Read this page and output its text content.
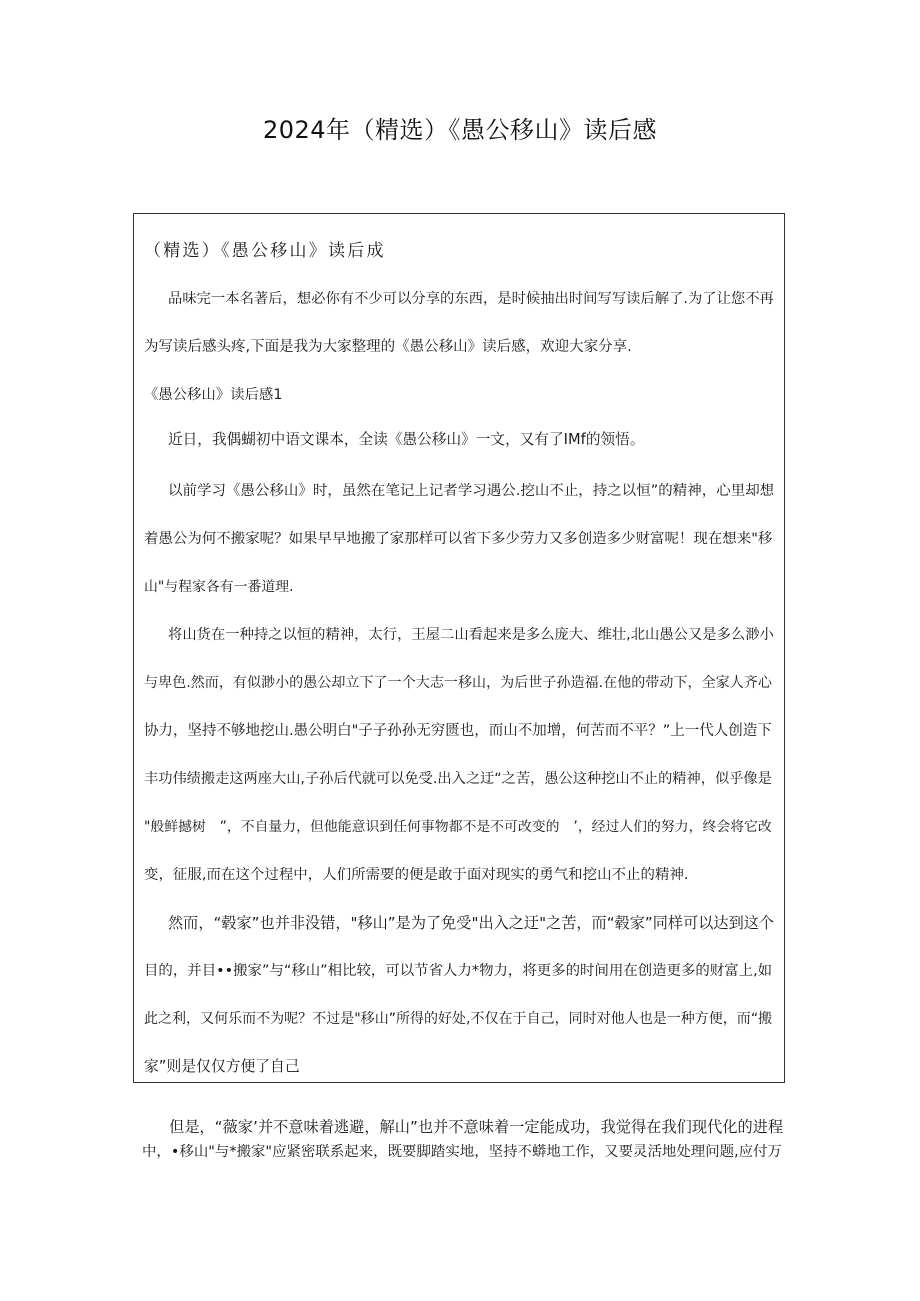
2024年（精选）《愚公移山》读后感
（精选）《愚公移山》读后成
品味完一本名著后，想必你有不少可以分享的东西，是时候抽出时间写写读后解了.为了让您不再
为写读后感头疼,下面是我为大家整理的《愚公移山》读后感，欢迎大家分享.
《愚公移山》读后感1
近日，我偶蝴初中语文课本，全读《愚公移山》一文，又有了IMf的领悟。
以前学习《愚公移山》时，虽然在笔记上记者学习遇公.挖山不止，持之以恒”的精神，心里却想
着愚公为何不搬家呢？如果早早地搬了家那样可以省下多少劳力又多创造多少财富呢！现在想来"移
山"与程家各有一番道理.
将山货在一种持之以恒的精神，太行，王屋二山看起来是多么庞大、维壮,北山愚公又是多么渺小
与卑色.然而，有似渺小的愚公却立下了一个大志一移山，为后世子孙造福.在他的带动下，全家人齐心
协力，坚持不够地挖山.愚公明白"子子孙孙无穷匮也，而山不加增，何苦而不平？”上一代人创造下
丰功伟绩搬走这两座大山,子孙后代就可以免受.出入之迂“之苦，愚公这种挖山不止的精神，似乎像是
"般鲜撼树　”，不自量力，但他能意识到任何事物都不是不可改变的　’，经过人们的努力，终会将它改
变，征服,而在这个过程中，人们所需要的便是敢于面对现实的勇气和挖山不止的精神.
然而，“毂家”也并非没错，"移山”是为了免受"出入之迂"之苦，而“毂家”同样可以达到这个
目的，并目••搬家”与“移山”相比较，可以节省人力*物力，将更多的时间用在创造更多的财富上,如
此之利，又何乐而不为呢？不过是"移山”所得的好处,不仅在于自己，同时对他人也是一种方便，而“搬
家”则是仅仅方便了自己
但是，“薇家’并不意味着逃避，解山”也并不意味着一定能成功，我觉得在我们现代化的进程
中，•移山"与*搬家"应紧密联系起来，既要脚踏实地，坚持不蟒地工作，又要灵活地处理问题,应付万
